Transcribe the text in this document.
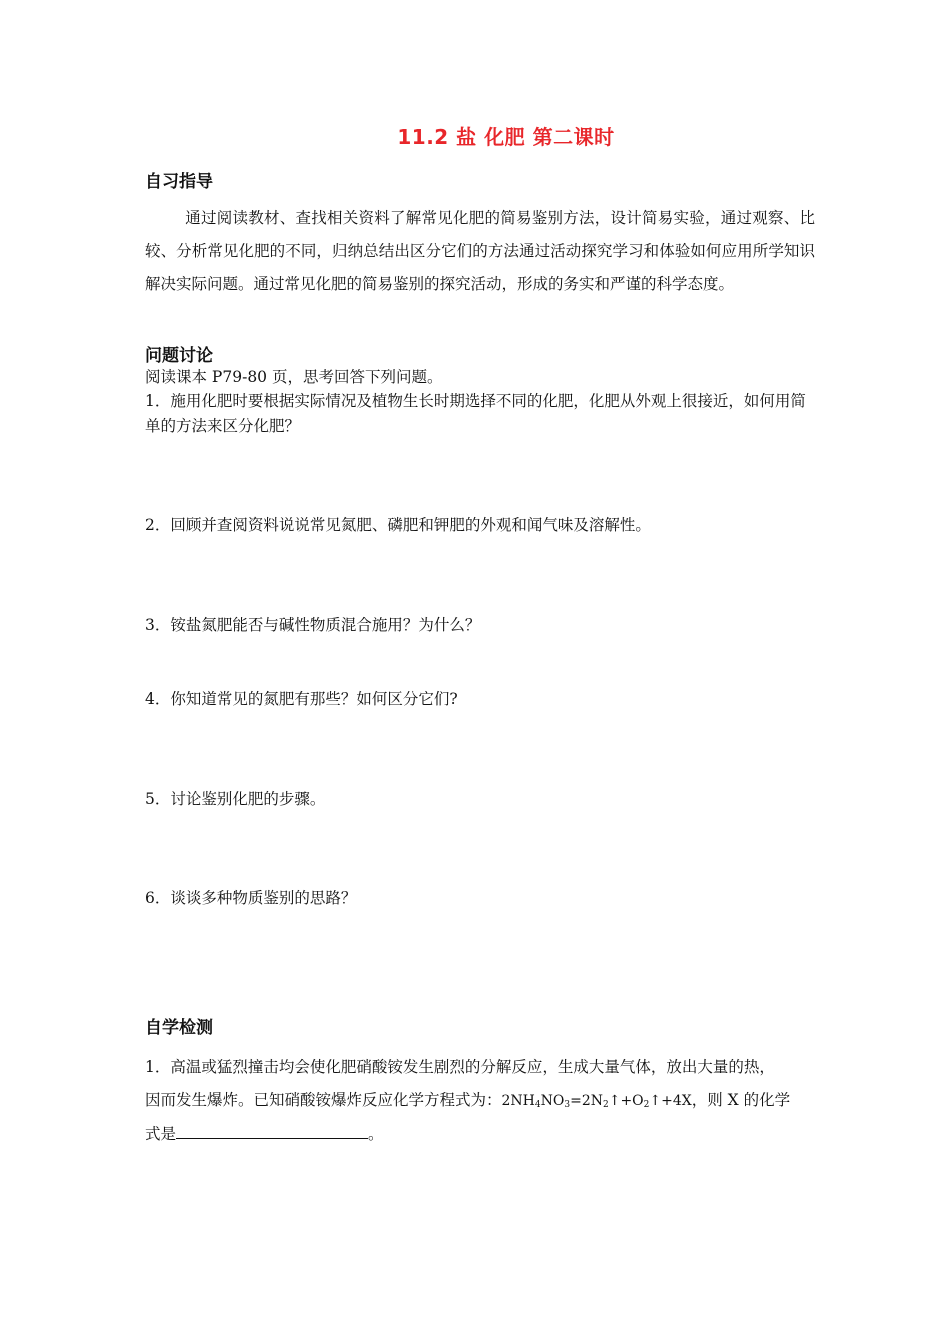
11.2 盐 化肥 第二课时
自习指导
通过阅读教材、查找相关资料了解常见化肥的简易鉴别方法，设计简易实验，通过观察、比较、分析常见化肥的不同，归纳总结出区分它们的方法通过活动探究学习和体验如何应用所学知识解决实际问题。通过常见化肥的简易鉴别的探究活动，形成的务实和严谨的科学态度。
问题讨论
阅读课本 P79-80 页，思考回答下列问题。
1．施用化肥时要根据实际情况及植物生长时期选择不同的化肥，化肥从外观上很接近，如何用简单的方法来区分化肥？
2．回顾并查阅资料说说常见氮肥、磷肥和钾肥的外观和闻气味及溶解性。
3．铵盐氮肥能否与碱性物质混合施用？为什么？
4．你知道常见的氮肥有那些？如何区分它们?
5．讨论鉴别化肥的步骤。
6．谈谈多种物质鉴别的思路？
自学检测
1．高温或猛烈撞击均会使化肥硝酸铵发生剧烈的分解反应，生成大量气体，放出大量的热，
因而发生爆炸。已知硝酸铵爆炸反应化学方程式为：$2NH_4NO_3=2N_2↑+O_2↑+4X$，则 X 的化学
式是	。
